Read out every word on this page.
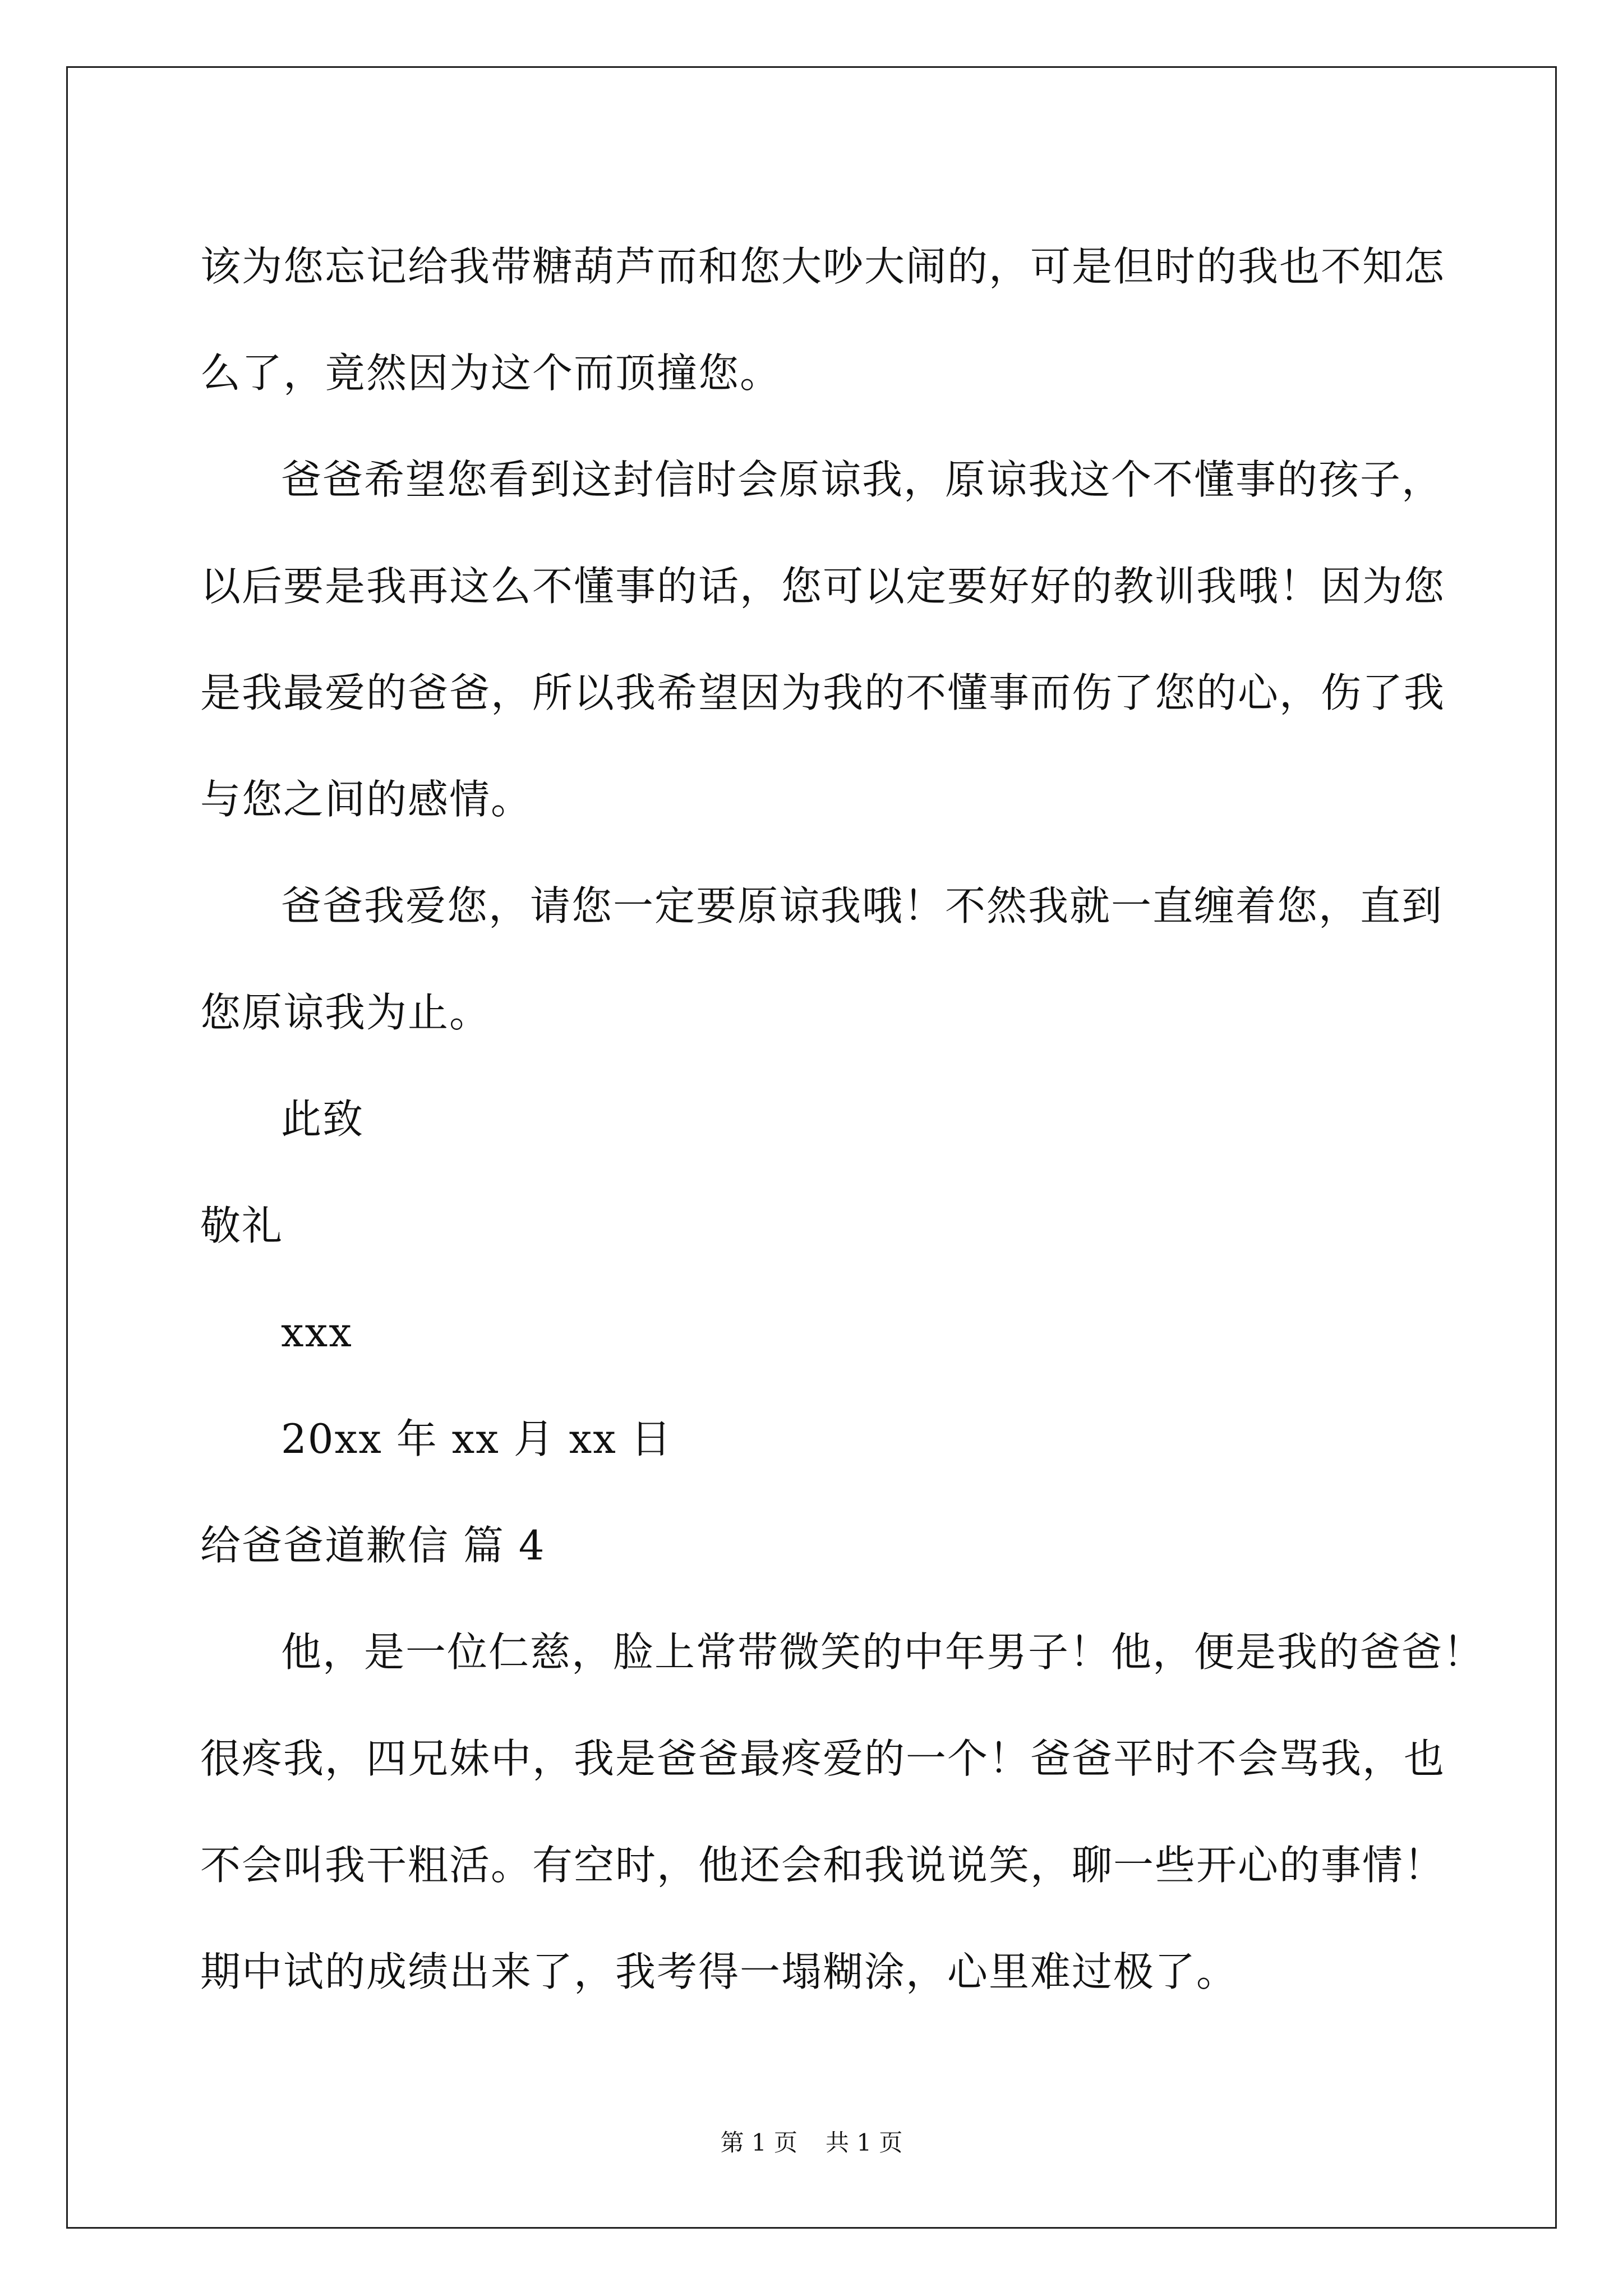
该为您忘记给我带糖葫芦而和您大吵大闹的，可是但时的我也不知怎
么了，竟然因为这个而顶撞您。
爸爸希望您看到这封信时会原谅我，原谅我这个不懂事的孩子，
以后要是我再这么不懂事的话，您可以定要好好的教训我哦！因为您
是我最爱的爸爸，所以我希望因为我的不懂事而伤了您的心，伤了我
与您之间的感情。
爸爸我爱您，请您一定要原谅我哦！不然我就一直缠着您，直到
您原谅我为止。
此致
敬礼
xxx
20xx 年 xx 月 xx 日
给爸爸道歉信 篇 4
他，是一位仁慈，脸上常带微笑的中年男子！他，便是我的爸爸！
很疼我，四兄妹中，我是爸爸最疼爱的一个！爸爸平时不会骂我，也
不会叫我干粗活。有空时，他还会和我说说笑，聊一些开心的事情！
期中试的成绩出来了，我考得一塌糊涂，心里难过极了。
第 1 页 共 1 页
